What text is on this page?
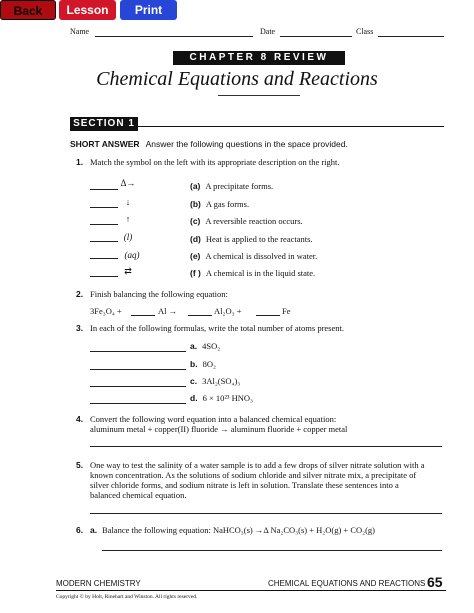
Back	Lesson	Print
Name	Date	Class
CHAPTER 8 REVIEW
Chemical Equations and Reactions
SECTION 1
SHORT ANSWER Answer the following questions in the space provided.
1. Match the symbol on the left with its appropriate description on the right.
Δ→	(a) A precipitate forms.
↓	(b) A gas forms.
↑	(c) A reversible reaction occurs.
(l)	(d) Heat is applied to the reactants.
(aq)	(e) A chemical is dissolved in water.
⇄	(f ) A chemical is in the liquid state.
2. Finish balancing the following equation:
3Fe₃O₄ +	Al →	Al₂O₃ +	Fe
3. In each of the following formulas, write the total number of atoms present.
a. 4SO₂
b. 8O₂
c. 3Al₂(SO₄)₃
d. 6 × 10²³ HNO₃
4. Convert the following word equation into a balanced chemical equation:
aluminum metal + copper(II) fluoride → aluminum fluoride + copper metal
5. One way to test the salinity of a water sample is to add a few drops of silver nitrate solution with a
known concentration. As the solutions of sodium chloride and silver nitrate mix, a precipitate of
silver chloride forms, and sodium nitrate is left in solution. Translate these sentences into a
balanced chemical equation.
6. a. Balance the following equation: NaHCO₃(s) →Δ Na₂CO₃(s) + H₂O(g) + CO₂(g)
MODERN CHEMISTRY	CHEMICAL EQUATIONS AND REACTIONS 65
Copyright © by Holt, Rinehart and Winston. All rights reserved.
